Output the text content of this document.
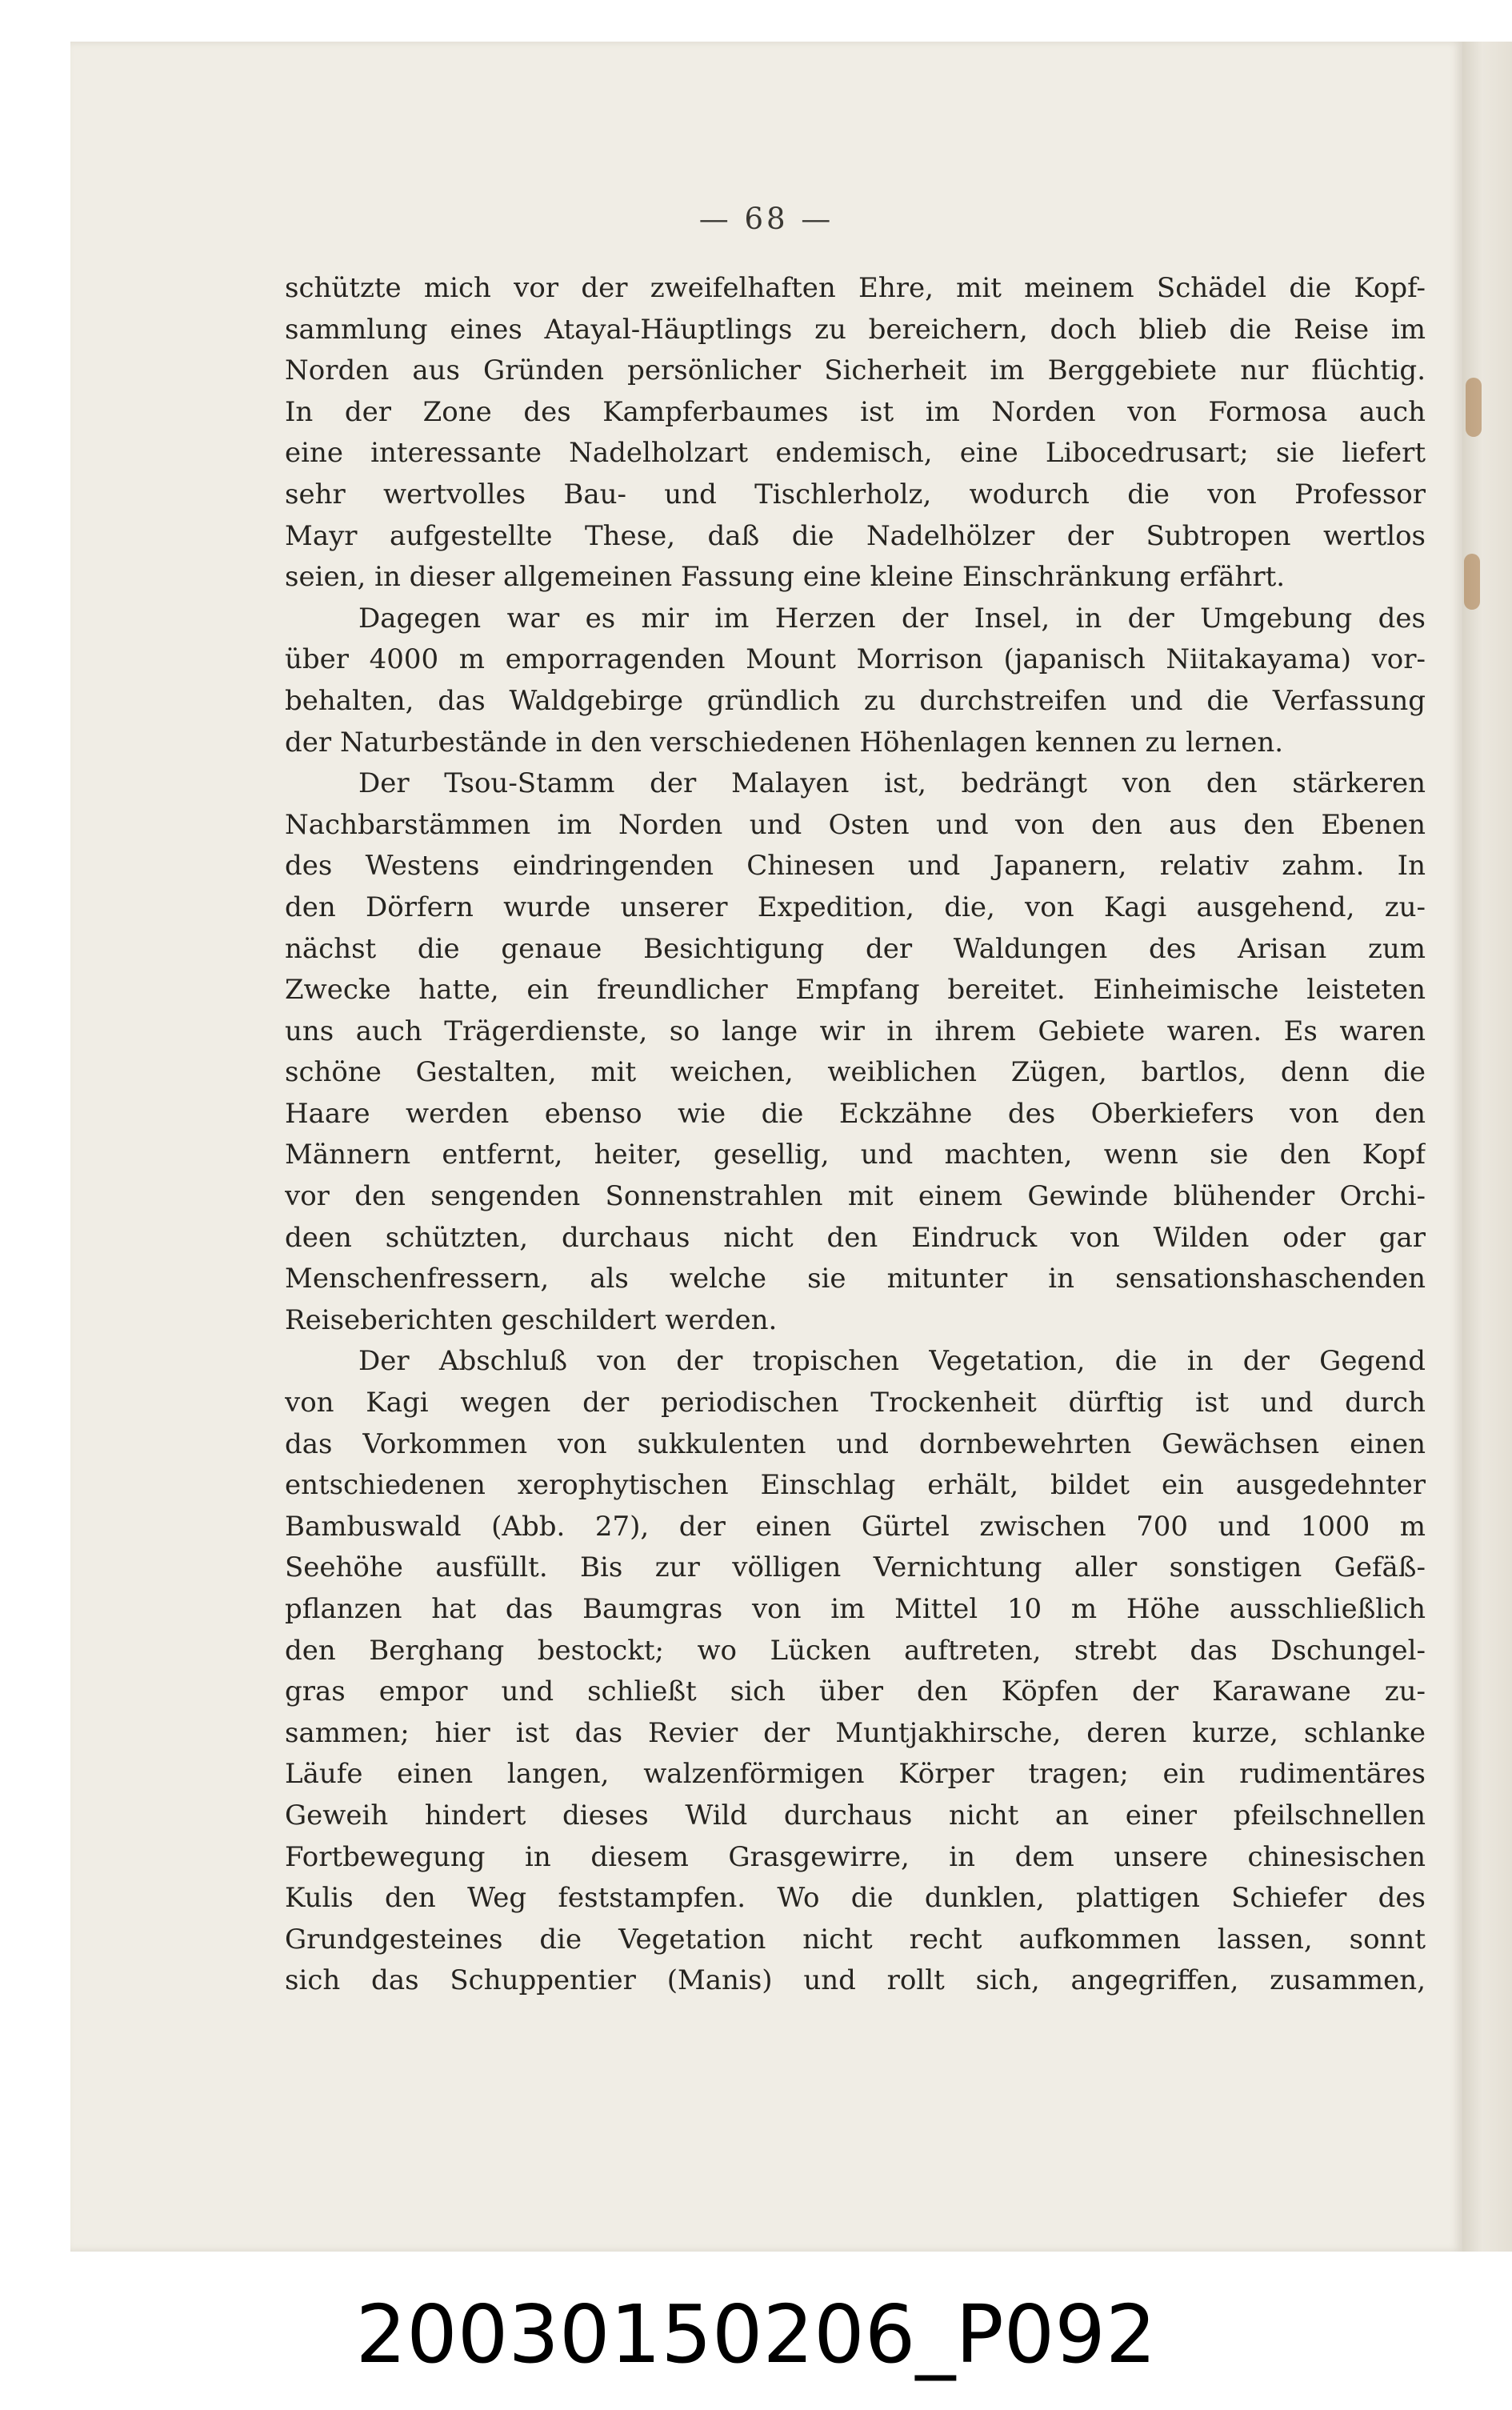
— 68 —
schützte mich vor der zweifelhaften Ehre, mit meinem Schädel die Kopf-
sammlung eines Atayal-Häuptlings zu bereichern, doch blieb die Reise im
Norden aus Gründen persönlicher Sicherheit im Berggebiete nur flüchtig.
In der Zone des Kampferbaumes ist im Norden von Formosa auch
eine interessante Nadelholzart endemisch, eine Libocedrusart; sie liefert
sehr wertvolles Bau- und Tischlerholz, wodurch die von Professor
Mayr aufgestellte These, daß die Nadelhölzer der Subtropen wertlos
seien, in dieser allgemeinen Fassung eine kleine Einschränkung erfährt.
Dagegen war es mir im Herzen der Insel, in der Umgebung des
über 4000 m emporragenden Mount Morrison (japanisch Niitakayama) vor-
behalten, das Waldgebirge gründlich zu durchstreifen und die Verfassung
der Naturbestände in den verschiedenen Höhenlagen kennen zu lernen.
Der Tsou-Stamm der Malayen ist, bedrängt von den stärkeren
Nachbarstämmen im Norden und Osten und von den aus den Ebenen
des Westens eindringenden Chinesen und Japanern, relativ zahm. In
den Dörfern wurde unserer Expedition, die, von Kagi ausgehend, zu-
nächst die genaue Besichtigung der Waldungen des Arisan zum
Zwecke hatte, ein freundlicher Empfang bereitet. Einheimische leisteten
uns auch Trägerdienste, so lange wir in ihrem Gebiete waren. Es waren
schöne Gestalten, mit weichen, weiblichen Zügen, bartlos, denn die
Haare werden ebenso wie die Eckzähne des Oberkiefers von den
Männern entfernt, heiter, gesellig, und machten, wenn sie den Kopf
vor den sengenden Sonnenstrahlen mit einem Gewinde blühender Orchi-
deen schützten, durchaus nicht den Eindruck von Wilden oder gar
Menschenfressern, als welche sie mitunter in sensationshaschenden
Reiseberichten geschildert werden.
Der Abschluß von der tropischen Vegetation, die in der Gegend
von Kagi wegen der periodischen Trockenheit dürftig ist und durch
das Vorkommen von sukkulenten und dornbewehrten Gewächsen einen
entschiedenen xerophytischen Einschlag erhält, bildet ein ausgedehnter
Bambuswald (Abb. 27), der einen Gürtel zwischen 700 und 1000 m
Seehöhe ausfüllt. Bis zur völligen Vernichtung aller sonstigen Gefäß-
pflanzen hat das Baumgras von im Mittel 10 m Höhe ausschließlich
den Berghang bestockt; wo Lücken auftreten, strebt das Dschungel-
gras empor und schließt sich über den Köpfen der Karawane zu-
sammen; hier ist das Revier der Muntjakhirsche, deren kurze, schlanke
Läufe einen langen, walzenförmigen Körper tragen; ein rudimentäres
Geweih hindert dieses Wild durchaus nicht an einer pfeilschnellen
Fortbewegung in diesem Grasgewirre, in dem unsere chinesischen
Kulis den Weg feststampfen. Wo die dunklen, plattigen Schiefer des
Grundgesteines die Vegetation nicht recht aufkommen lassen, sonnt
sich das Schuppentier (Manis) und rollt sich, angegriffen, zusammen,
20030150206_P092
